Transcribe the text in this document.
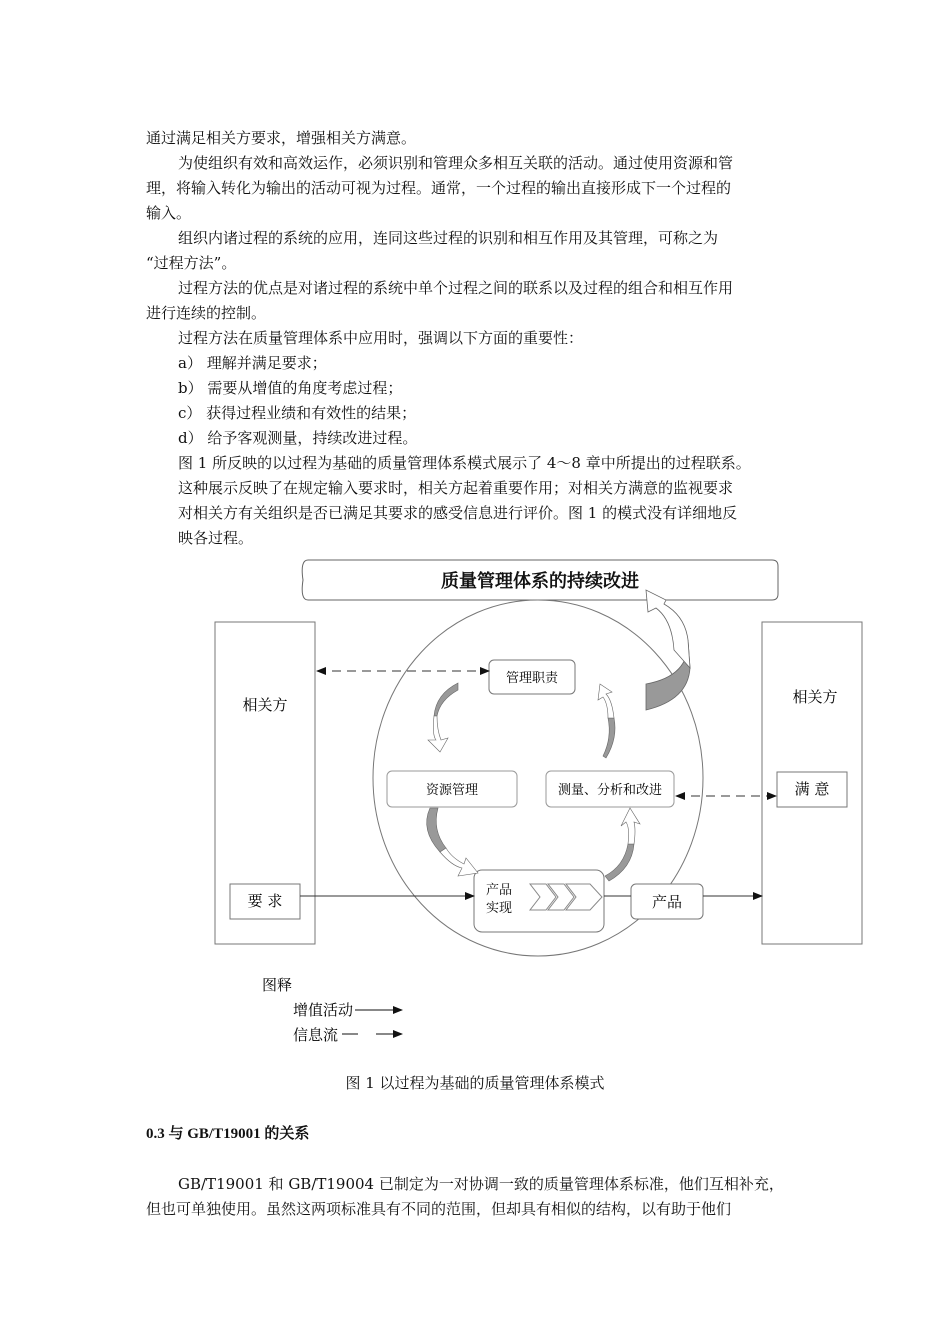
通过满足相关方要求，增强相关方满意。

为使组织有效和高效运作，必须识别和管理众多相互关联的活动。通过使用资源和管

理，将输入转化为输出的活动可视为过程。通常，一个过程的输出直接形成下一个过程的

输入。

组织内诸过程的系统的应用，连同这些过程的识别和相互作用及其管理，可称之为

“过程方法”。

过程方法的优点是对诸过程的系统中单个过程之间的联系以及过程的组合和相互作用

进行连续的控制。

过程方法在质量管理体系中应用时，强调以下方面的重要性：

a） 理解并满足要求；

b） 需要从增值的角度考虑过程；

c） 获得过程业绩和有效性的结果；

d） 给予客观测量，持续改进过程。

图 1 所反映的以过程为基础的质量管理体系模式展示了 4～8 章中所提出的过程联系。

这种展示反映了在规定输入要求时，相关方起着重要作用；对相关方满意的监视要求

对相关方有关组织是否已满足其要求的感受信息进行评价。图 1 的模式没有详细地反

映各过程。

质量管理体系的持续改进
相关方	相关方
要 求
满 意
管理职责
资源管理	测量、分析和改进
产品
实现	产品
图释
增值活动
信息流
图 1 以过程为基础的质量管理体系模式

0.3 与 GB/T19001 的关系

GB/T19001 和 GB/T19004 已制定为一对协调一致的质量管理体系标准，他们互相补充，

但也可单独使用。虽然这两项标准具有不同的范围，但却具有相似的结构，以有助于他们
